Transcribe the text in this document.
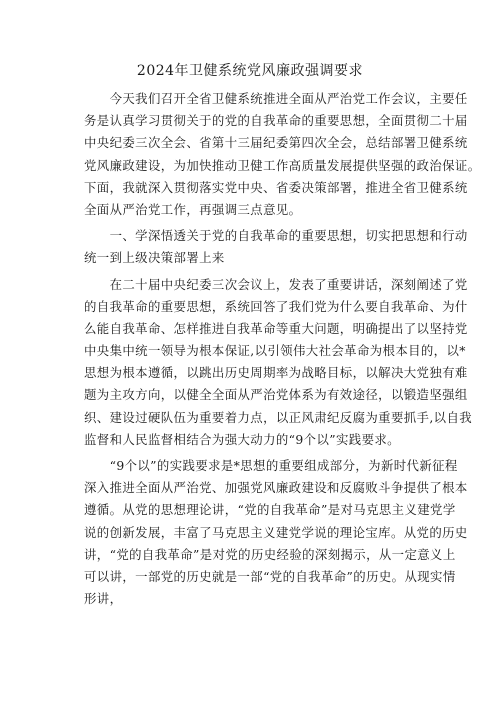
2024年卫健系统党风廉政强调要求
　　今天我们召开全省卫健系统推进全面从严治党工作会议，主要任
务是认真学习贯彻关于的党的自我革命的重要思想，全面贯彻二十届
中央纪委三次全会、省第十三届纪委第四次全会，总结部署卫健系统
党风廉政建设，为加快推动卫健工作高质量发展提供坚强的政治保证。
下面，我就深入贯彻落实党中央、省委决策部署，推进全省卫健系统
全面从严治党工作，再强调三点意见。
　　一、学深悟透关于党的自我革命的重要思想，切实把思想和行动
统一到上级决策部署上来
　　在二十届中央纪委三次会议上，发表了重要讲话，深刻阐述了党
的自我革命的重要思想，系统回答了我们党为什么要自我革命、为什
么能自我革命、怎样推进自我革命等重大问题，明确提出了以坚持党
中央集中统一领导为根本保证,以引领伟大社会革命为根本目的，以*
思想为根本遵循，以跳出历史周期率为战略目标，以解决大党独有难
题为主攻方向，以健全全面从严治党体系为有效途径，以锻造坚强组
织、建设过硬队伍为重要着力点，以正风肃纪反腐为重要抓手,以自我
监督和人民监督相结合为强大动力的“9个以”实践要求。
　　“9个以”的实践要求是*思想的重要组成部分，为新时代新征程
深入推进全面从严治党、加强党风廉政建设和反腐败斗争提供了根本
遵循。从党的思想理论讲，“党的自我革命”是对马克思主义建党学
说的创新发展，丰富了马克思主义建党学说的理论宝库。从党的历史
讲，“党的自我革命”是对党的历史经验的深刻揭示，从一定意义上
可以讲，一部党的历史就是一部“党的自我革命”的历史。从现实情
形讲，
